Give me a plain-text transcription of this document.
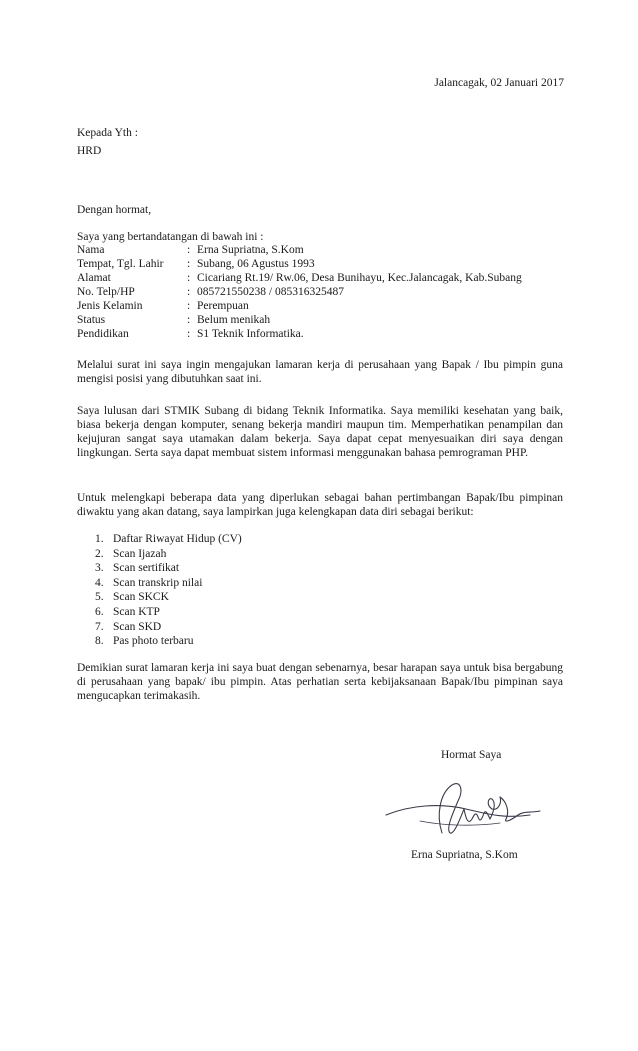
Jalancagak, 02 Januari 2017
Kepada Yth :
HRD
Dengan hormat,
Saya yang bertandatangan di bawah ini :
Nama	:	Erna Supriatna, S.Kom
Tempat, Tgl. Lahir	:	Subang, 06 Agustus 1993
Alamat	:	Cicariang Rt.19/ Rw.06, Desa Bunihayu, Kec.Jalancagak, Kab.Subang
No. Telp/HP	:	085721550238 / 085316325487
Jenis Kelamin	:	Perempuan
Status	:	Belum menikah
Pendidikan	:	S1 Teknik Informatika.

Melalui surat ini saya ingin mengajukan lamaran kerja di perusahaan yang Bapak / Ibu pimpin guna mengisi posisi yang dibutuhkan saat ini.

Saya lulusan dari STMIK Subang di bidang Teknik Informatika. Saya memiliki kesehatan yang baik, biasa bekerja dengan komputer, senang bekerja mandiri maupun tim. Memperhatikan penampilan dan kejujuran sangat saya utamakan dalam bekerja. Saya dapat cepat menyesuaikan diri saya dengan lingkungan. Serta saya dapat membuat sistem informasi menggunakan bahasa pemrograman PHP.

Untuk melengkapi beberapa data yang diperlukan sebagai bahan pertimbangan Bapak/Ibu pimpinan diwaktu yang akan datang, saya lampirkan juga kelengkapan data diri sebagai berikut:

1. Daftar Riwayat Hidup (CV)
2. Scan Ijazah
3. Scan sertifikat
4. Scan transkrip nilai
5. Scan SKCK
6. Scan KTP
7. Scan SKD
8. Pas photo terbaru

Demikian surat lamaran kerja ini saya buat dengan sebenarnya, besar harapan saya untuk bisa bergabung di perusahaan yang bapak/ ibu pimpin. Atas perhatian serta kebijaksanaan Bapak/Ibu pimpinan saya mengucapkan terimakasih.

Hormat Saya
Erna Supriatna, S.Kom
